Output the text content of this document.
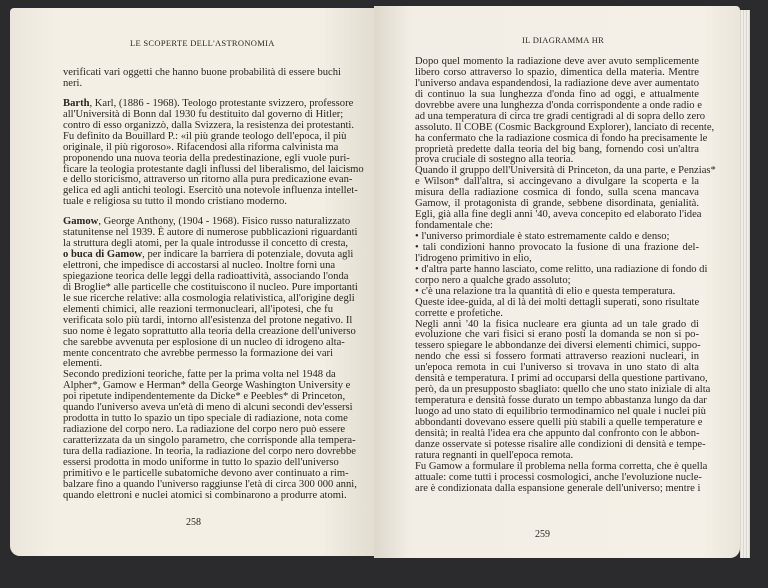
LE SCOPERTE DELL'ASTRONOMIA
verificati vari oggetti che hanno buone probabilità di essere buchi
neri.
Barth, Karl, (1886 - 1968). Teologo protestante svizzero, professore
all'Università di Bonn dal 1930 fu destituito dal governo di Hitler;
contro di esso organizzò, dalla Svizzera, la resistenza dei protestanti.
Fu definito da Bouillard P.: «il più grande teologo dell'epoca, il più
originale, il più rigoroso». Rifacendosi alla riforma calvinista ma
proponendo una nuova teoria della predestinazione, egli vuole puri-
ficare la teologia protestante dagli influssi del liberalismo, del laicismo
e dello storicismo, attraverso un ritorno alla pura predicazione evan-
gelica ed agli antichi teologi. Esercitò una notevole influenza intellet-
tuale e religiosa su tutto il mondo cristiano moderno.
Gamow, George Anthony, (1904 - 1968). Fisico russo naturalizzato
statunitense nel 1939. È autore di numerose pubblicazioni riguardanti
la struttura degli atomi, per la quale introdusse il concetto di cresta,
o buca di Gamow, per indicare la barriera di potenziale, dovuta agli
elettroni, che impedisce di accostarsi al nucleo. Inoltre fornì una
spiegazione teorica delle leggi della radioattività, associando l'onda
di Broglie* alle particelle che costituiscono il nucleo. Pure importanti
le sue ricerche relative: alla cosmologia relativistica, all'origine degli
elementi chimici, alle reazioni termonucleari, all'ipotesi, che fu
verificata solo più tardi, intorno all'esistenza del protone negativo. Il
suo nome è legato soprattutto alla teoria della creazione dell'universo
che sarebbe avvenuta per esplosione di un nucleo di idrogeno alta-
mente concentrato che avrebbe permesso la formazione dei vari
elementi.
Secondo predizioni teoriche, fatte per la prima volta nel 1948 da
Alpher*, Gamow e Herman* della George Washington University e
poi ripetute indipendentemente da Dicke* e Peebles* di Princeton,
quando l'universo aveva un'età di meno di alcuni secondi dev'essersi
prodotta in tutto lo spazio un tipo speciale di radiazione, nota come
radiazione del corpo nero. La radiazione del corpo nero può essere
caratterizzata da un singolo parametro, che corrisponde alla tempera-
tura della radiazione. In teoria, la radiazione del corpo nero dovrebbe
essersi prodotta in modo uniforme in tutto lo spazio dell'universo
primitivo e le particelle subatomiche devono aver continuato a rim-
balzare fino a quando l'universo raggiunse l'età di circa 300 000 anni,
quando elettroni e nuclei atomici si combinarono a produrre atomi.
258
IL DIAGRAMMA HR
Dopo quel momento la radiazione deve aver avuto semplicemente
libero corso attraverso lo spazio, dimentica della materia. Mentre
l'universo andava espandendosi, la radiazione deve aver aumentato
di continuo la sua lunghezza d'onda fino ad oggi, e attualmente
dovrebbe avere una lunghezza d'onda corrispondente a onde radio e
ad una temperatura di circa tre gradi centigradi al di sopra dello zero
assoluto. Il COBE (Cosmic Background Explorer), lanciato di recente,
ha confermato che la radiazione cosmica di fondo ha precisamente le
proprietà predette dalla teoria del big bang, fornendo così un'altra
prova cruciale di sostegno alla teoria.
Quando il gruppo dell'Università di Princeton, da una parte, e Penzias*
e Wilson* dall'altra, si accingevano a divulgare la scoperta e la
misura della radiazione cosmica di fondo, sulla scena mancava
Gamow, il protagonista di grande, sebbene disordinata, genialità.
Egli, già alla fine degli anni '40, aveva concepito ed elaborato l'idea
fondamentale che:
• l'universo primordiale è stato estremamente caldo e denso;
• tali condizioni hanno provocato la fusione di una frazione del-
l'idrogeno primitivo in elio,
• d'altra parte hanno lasciato, come relitto, una radiazione di fondo di
corpo nero a qualche grado assoluto;
• c'è una relazione tra la quantità di elio e questa temperatura.
Queste idee-guida, al di là dei molti dettagli superati, sono risultate
corrette e profetiche.
Negli anni '40 la fisica nucleare era giunta ad un tale grado di
evoluzione che vari fisici si erano posti la domanda se non si po-
tessero spiegare le abbondanze dei diversi elementi chimici, suppo-
nendo che essi si fossero formati attraverso reazioni nucleari, in
un'epoca remota in cui l'universo si trovava in uno stato di alta
densità e temperatura. I primi ad occuparsi della questione partivano,
però, da un presupposto sbagliato: quello che uno stato iniziale di alta
temperatura e densità fosse durato un tempo abbastanza lungo da dar
luogo ad uno stato di equilibrio termodinamico nel quale i nuclei più
abbondanti dovevano essere quelli più stabili a quelle temperature e
densità; in realtà l'idea era che appunto dal confronto con le abbon-
danze osservate si potesse risalire alle condizioni di densità e tempe-
ratura regnanti in quell'epoca remota.
Fu Gamow a formulare il problema nella forma corretta, che è quella
attuale: come tutti i processi cosmologici, anche l'evoluzione nucle-
are è condizionata dalla espansione generale dell'universo; mentre i
259
